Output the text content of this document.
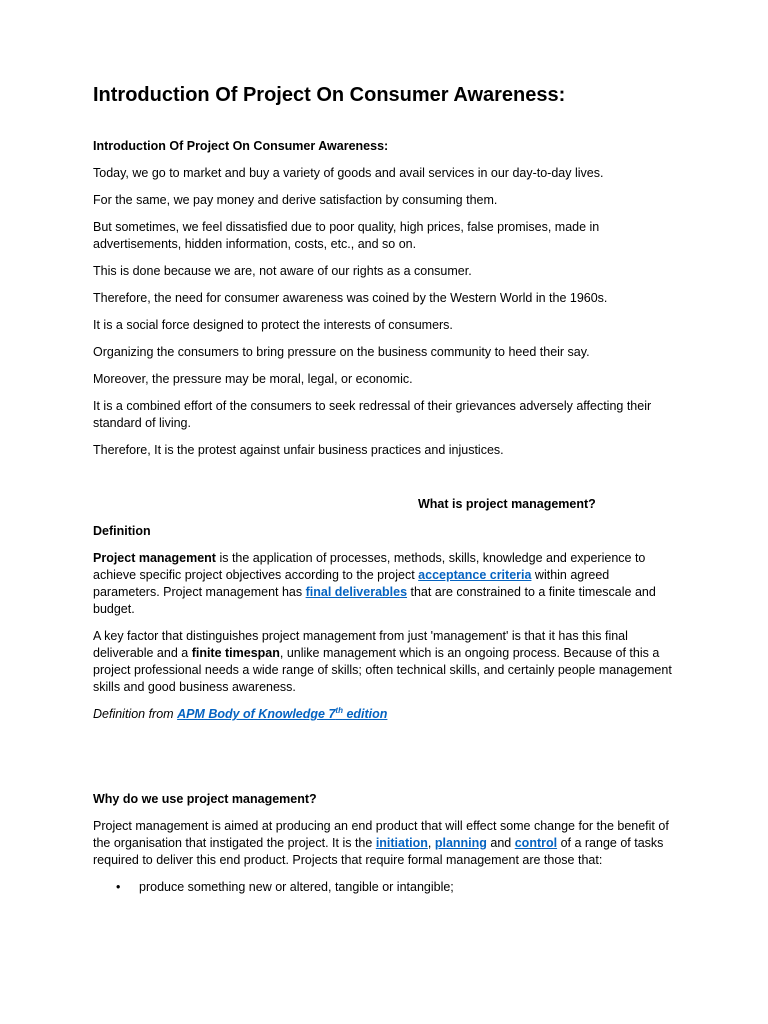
Introduction Of Project On Consumer Awareness:

Introduction Of Project On Consumer Awareness:

Today, we go to market and buy a variety of goods and avail services in our day-to-day lives.

For the same, we pay money and derive satisfaction by consuming them.

But sometimes, we feel dissatisfied due to poor quality, high prices, false promises, made in advertisements, hidden information, costs, etc., and so on.

This is done because we are, not aware of our rights as a consumer.

Therefore, the need for consumer awareness was coined by the Western World in the 1960s.

It is a social force designed to protect the interests of consumers.

Organizing the consumers to bring pressure on the business community to heed their say.

Moreover, the pressure may be moral, legal, or economic.

It is a combined effort of the consumers to seek redressal of their grievances adversely affecting their standard of living.

Therefore, It is the protest against unfair business practices and injustices.

What is project management?

Definition

Project management is the application of processes, methods, skills, knowledge and experience to achieve specific project objectives according to the project acceptance criteria within agreed parameters. Project management has final deliverables that are constrained to a finite timescale and budget.

A key factor that distinguishes project management from just 'management' is that it has this final deliverable and a finite timespan, unlike management which is an ongoing process. Because of this a project professional needs a wide range of skills; often technical skills, and certainly people management skills and good business awareness.

Definition from APM Body of Knowledge 7th edition

Why do we use project management?

Project management is aimed at producing an end product that will effect some change for the benefit of the organisation that instigated the project. It is the initiation, planning and control of a range of tasks required to deliver this end product. Projects that require formal management are those that:

• produce something new or altered, tangible or intangible;
